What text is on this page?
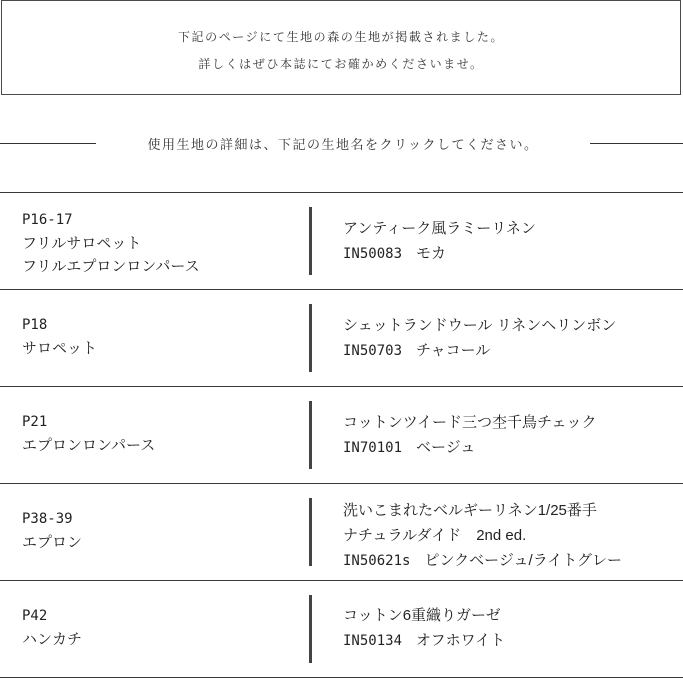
下記のページにて生地の森の生地が掲載されました。
詳しくはぜひ本誌にてお確かめくださいませ。
使用生地の詳細は、下記の生地名をクリックしてください。
P16-17
フリルサロペット
フリルエプロンロンパース
アンティーク風ラミーリネン
IN50083 モカ
P18
サロペット
シェットランドウール リネンヘリンボン
IN50703 チャコール
P21
エプロンロンパース
コットンツイード三つ杢千鳥チェック
IN70101 ベージュ
P38-39
エプロン
洗いこまれたベルギーリネン1/25番手
ナチュラルダイド　2nd ed.
IN50621s ピンクベージュ/ライトグレー
P42
ハンカチ
コットン6重織りガーゼ
IN50134 オフホワイト
